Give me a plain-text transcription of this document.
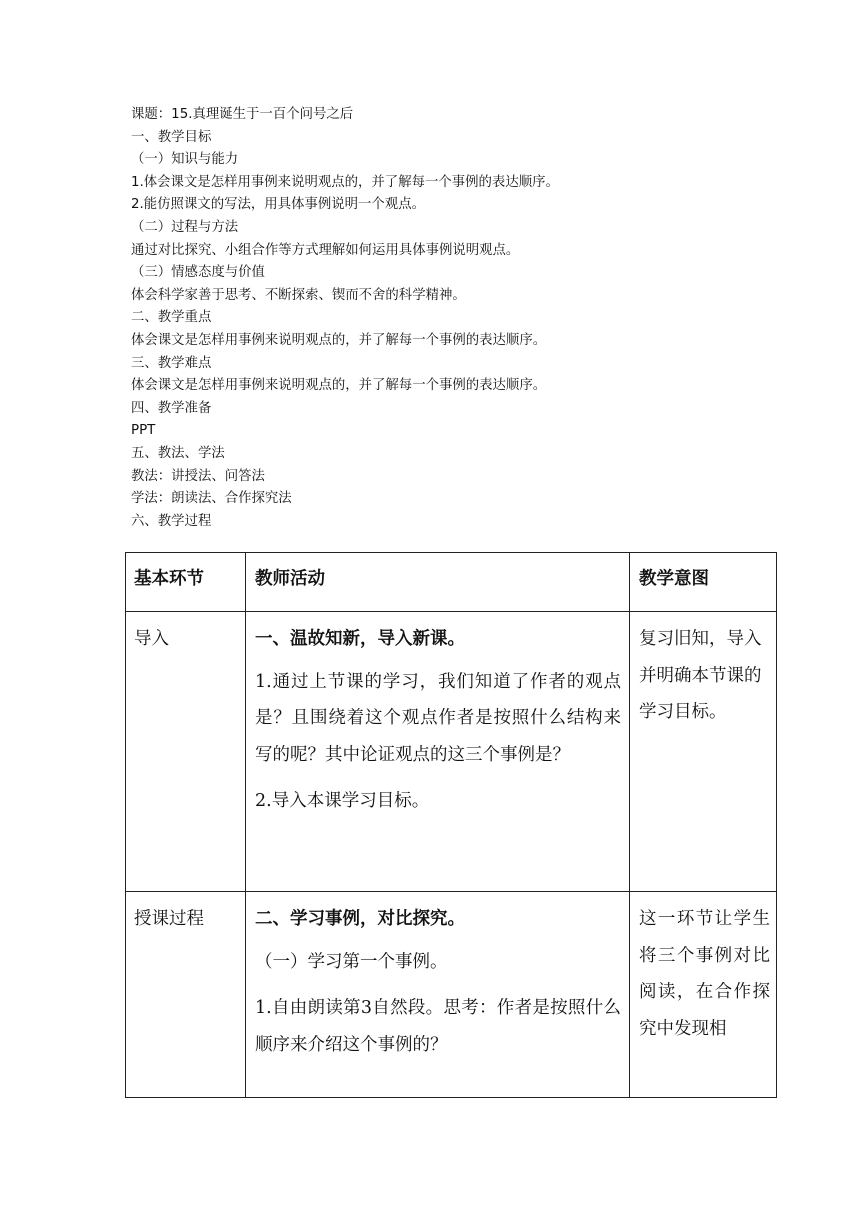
课题：15.真理诞生于一百个问号之后
一、教学目标
（一）知识与能力
1.体会课文是怎样用事例来说明观点的，并了解每一个事例的表达顺序。
2.能仿照课文的写法，用具体事例说明一个观点。
（二）过程与方法
通过对比探究、小组合作等方式理解如何运用具体事例说明观点。
（三）情感态度与价值
体会科学家善于思考、不断探索、锲而不舍的科学精神。
二、教学重点
体会课文是怎样用事例来说明观点的，并了解每一个事例的表达顺序。
三、教学难点
体会课文是怎样用事例来说明观点的，并了解每一个事例的表达顺序。
四、教学准备
PPT
五、教法、学法
教法：讲授法、问答法
学法：朗读法、合作探究法
六、教学过程
基本环节	教师活动	教学意图
导入	一、温故知新，导入新课。
1.通过上节课的学习，我们知道了作者的观点是？且围绕着这个观点作者是按照什么结构来写的呢？其中论证观点的这三个事例是？
2.导入本课学习目标。	复习旧知，导入并明确本节课的学习目标。
授课过程	二、学习事例，对比探究。
（一）学习第一个事例。
1.自由朗读第3自然段。思考：作者是按照什么顺序来介绍这个事例的？	这一环节让学生将三个事例对比阅读，在合作探究中发现相
